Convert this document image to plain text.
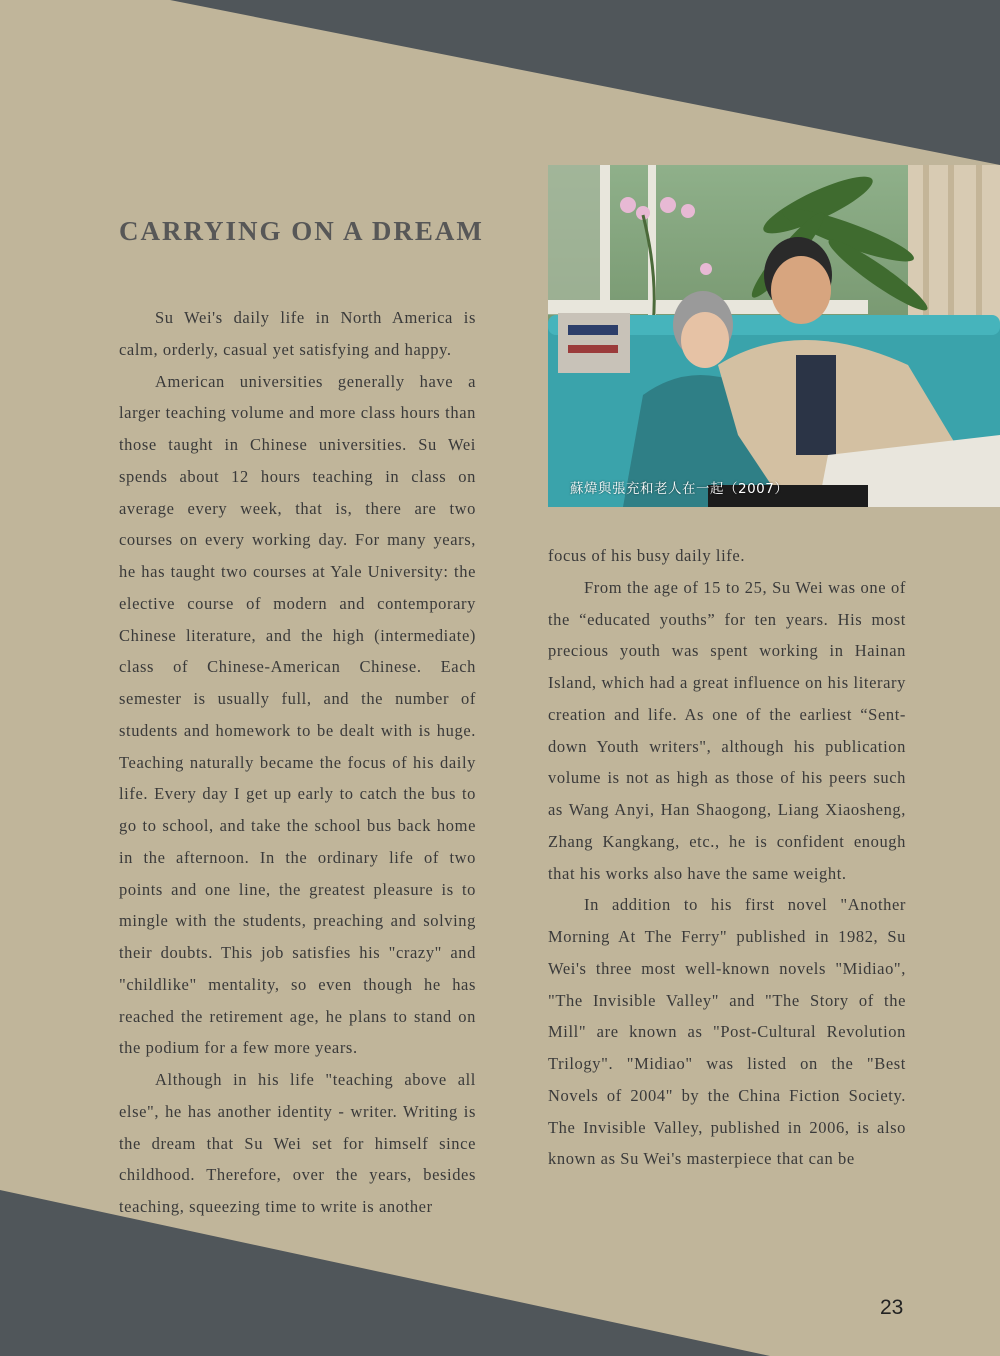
CARRYING ON A DREAM

Su Wei's daily life in North America is calm, orderly, casual yet satisfying and happy.

American universities generally have a larger teaching volume and more class hours than those taught in Chinese universities. Su Wei spends about 12 hours teaching in class on average every week, that is, there are two courses on every working day. For many years, he has taught two courses at Yale University: the elective course of modern and contemporary Chinese literature, and the high (intermediate) class of Chinese-American Chinese. Each semester is usually full, and the number of students and homework to be dealt with is huge. Teaching naturally became the focus of his daily life. Every day I get up early to catch the bus to go to school, and take the school bus back home in the afternoon. In the ordinary life of two points and one line, the greatest pleasure is to mingle with the students, preaching and solving their doubts. This job satisfies his "crazy" and "childlike" mentality, so even though he has reached the retirement age, he plans to stand on the podium for a few more years.

Although in his life "teaching above all else", he has another identity - writer. Writing is the dream that Su Wei set for himself since childhood. Therefore, over the years, besides teaching, squeezing time to write is another

蘇煒與張充和老人在一起（2007）

focus of his busy daily life.

From the age of 15 to 25, Su Wei was one of the “educated youths” for ten years. His most precious youth was spent working in Hainan Island, which had a great influence on his literary creation and life. As one of the earliest “Sent-down Youth writers", although his publication volume is not as high as those of his peers such as Wang Anyi, Han Shaogong, Liang Xiaosheng, Zhang Kangkang, etc., he is confident enough that his works also have the same weight.

In addition to his first novel "Another Morning At The Ferry" published in 1982, Su Wei's three most well-known novels "Midiao", "The Invisible Valley" and "The Story of the Mill" are known as "Post-Cultural Revolution Trilogy". "Midiao" was listed on the "Best Novels of 2004" by the China Fiction Society. The Invisible Valley, published in 2006, is also known as Su Wei's masterpiece that can be

23
